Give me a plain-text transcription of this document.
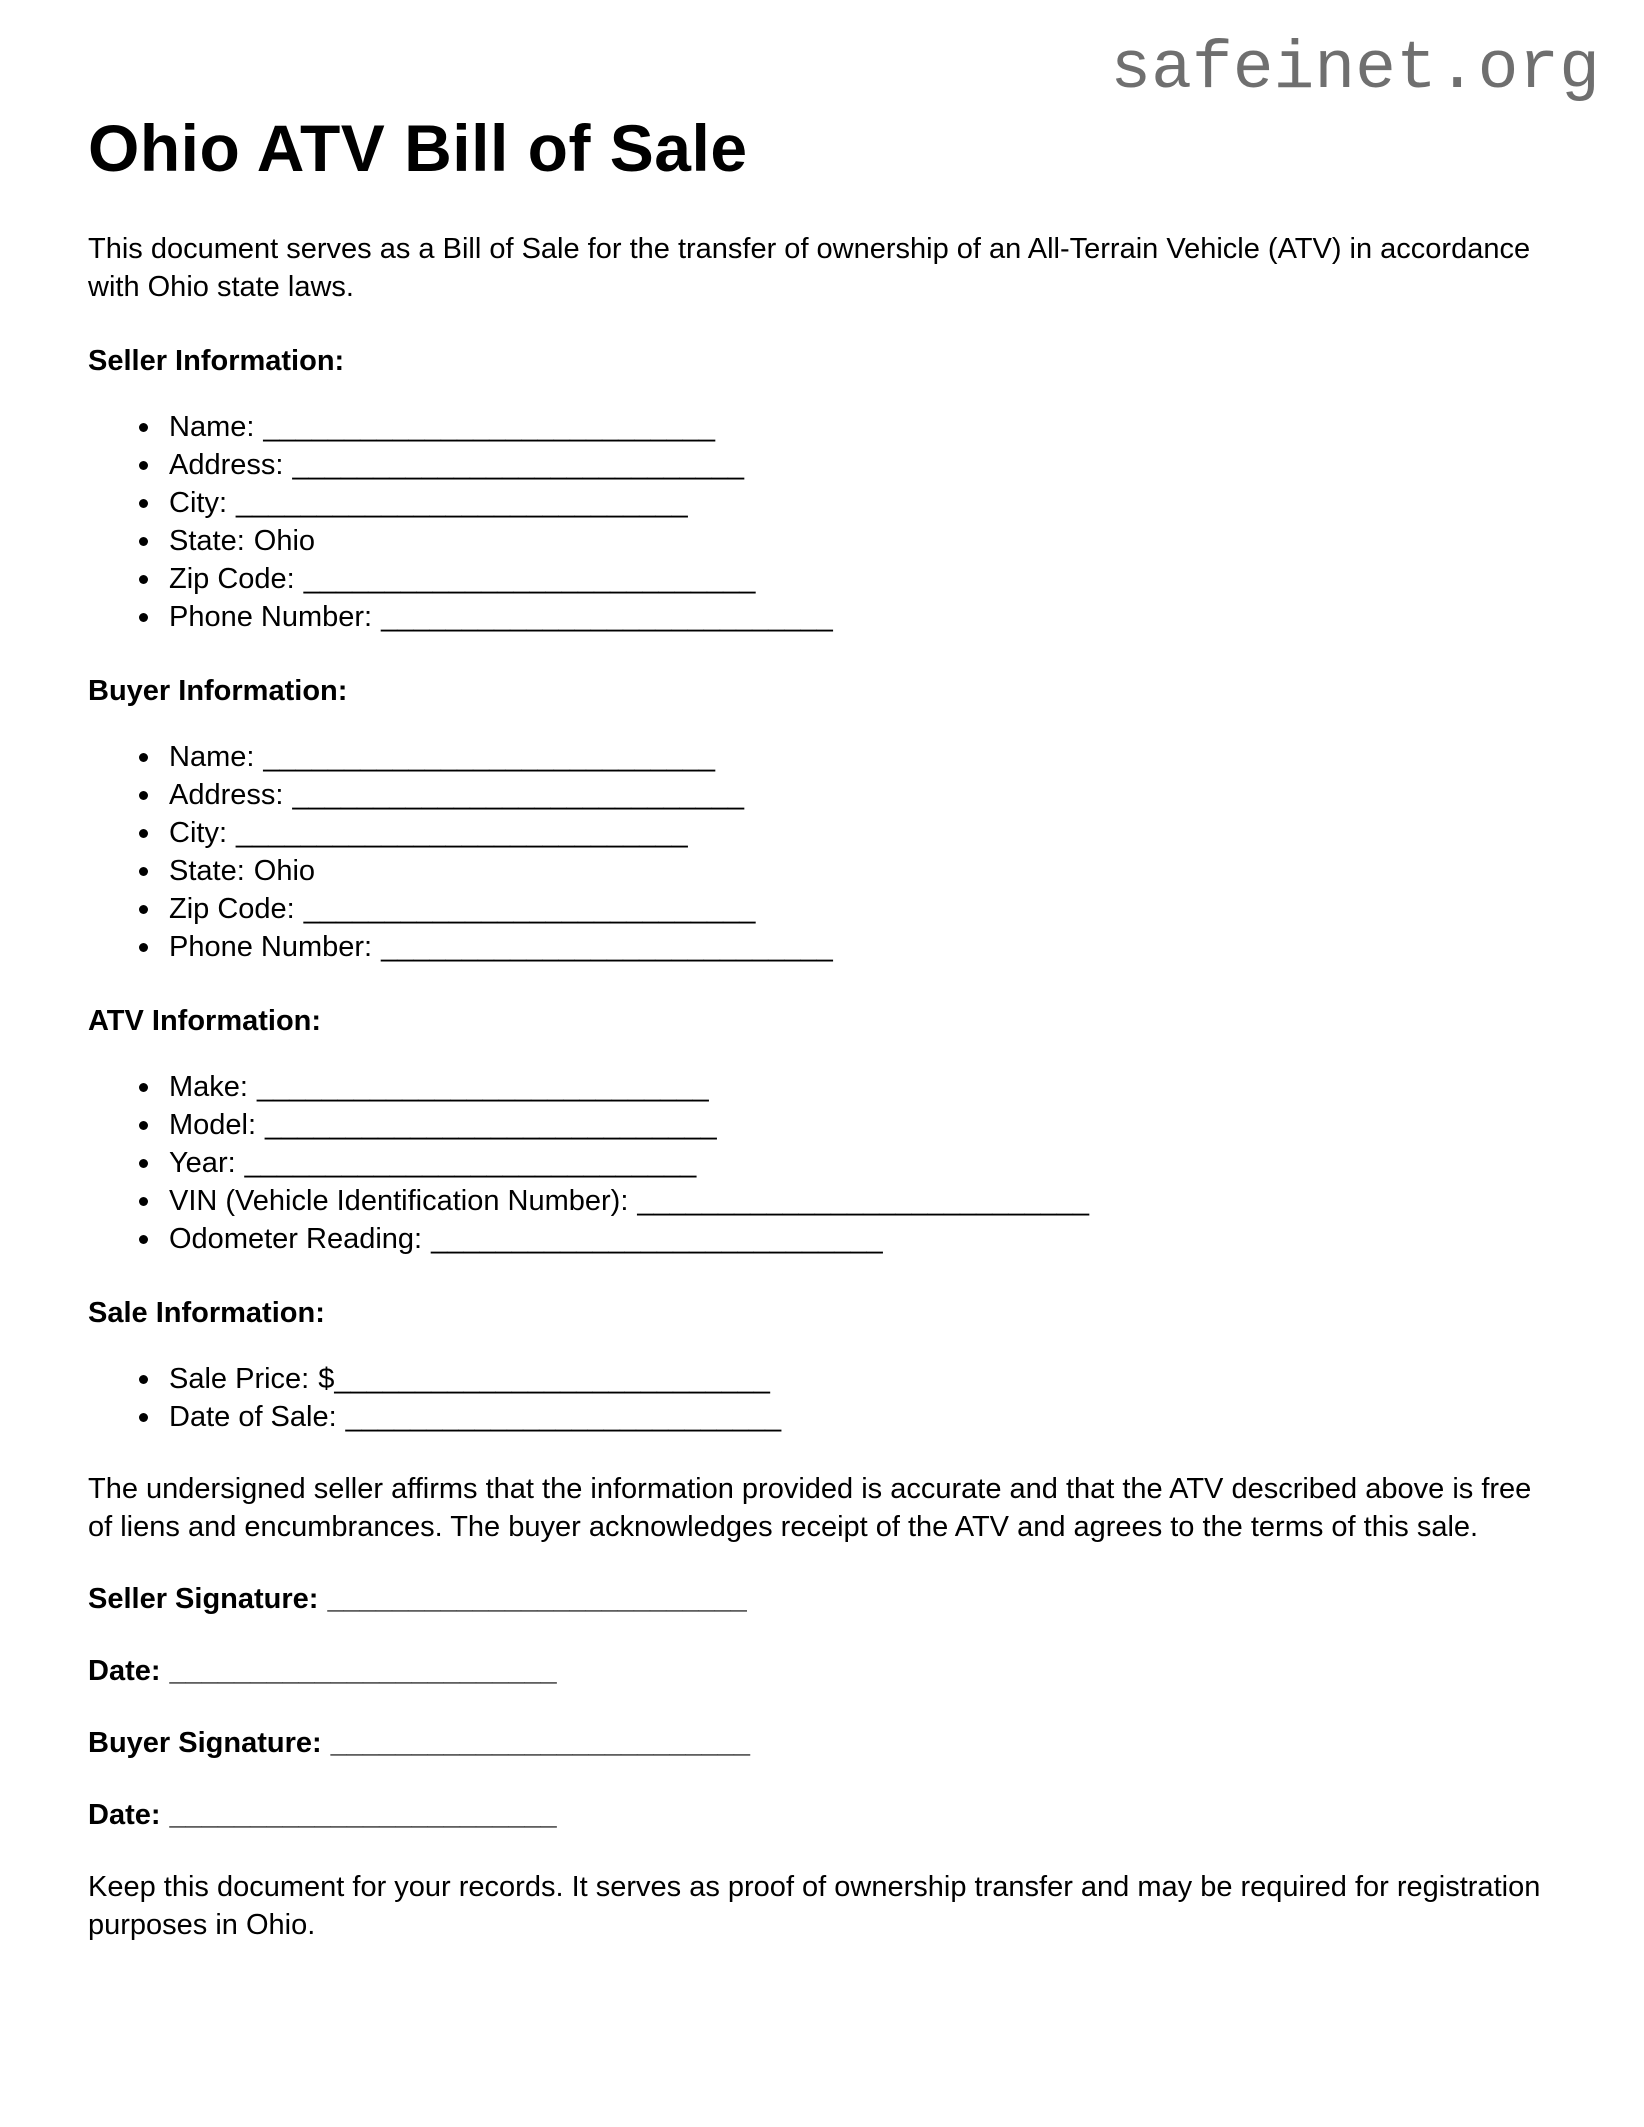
safeinet.org
Ohio ATV Bill of Sale

This document serves as a Bill of Sale for the transfer of ownership of an All-Terrain Vehicle (ATV) in accordance with Ohio state laws.

Seller Information:
Name: ____________________________
Address: ____________________________
City: ____________________________
State: Ohio
Zip Code: ____________________________
Phone Number: ____________________________
Buyer Information:
Name: ____________________________
Address: ____________________________
City: ____________________________
State: Ohio
Zip Code: ____________________________
Phone Number: ____________________________
ATV Information:
Make: ____________________________
Model: ____________________________
Year: ____________________________
VIN (Vehicle Identification Number): ____________________________
Odometer Reading: ____________________________
Sale Information:
Sale Price: $___________________________
Date of Sale: ___________________________

The undersigned seller affirms that the information provided is accurate and that the ATV described above is free of liens and encumbrances. The buyer acknowledges receipt of the ATV and agrees to the terms of this sale.

Seller Signature: __________________________

Date: ________________________

Buyer Signature: __________________________

Date: ________________________

Keep this document for your records. It serves as proof of ownership transfer and may be required for registration purposes in Ohio.
